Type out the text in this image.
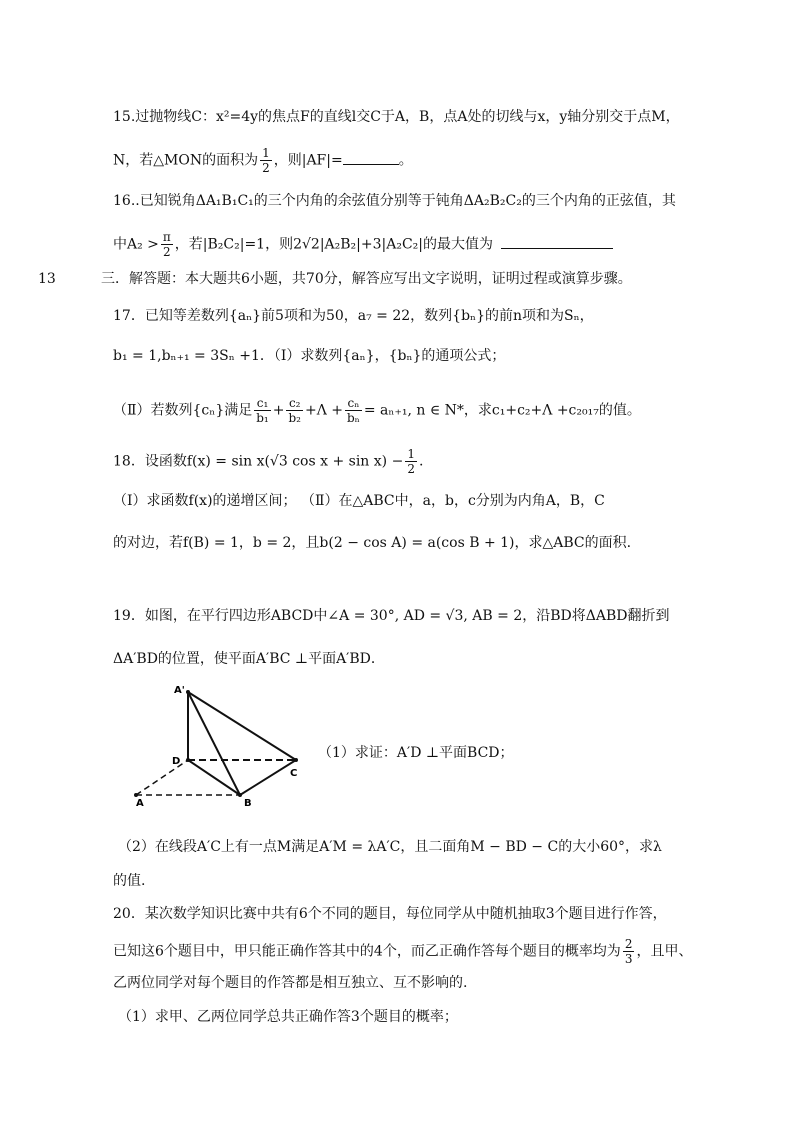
15.过抛物线C：x²=4y的焦点F的直线l交C于A，B，点A处的切线与x，y轴分别交于点M，
N，若△MON的面积为 $\frac{1}{2}$ ，则|AF|=	。
16..已知锐角ΔA₁B₁C₁的三个内角的余弦值分别等于钝角ΔA₂B₂C₂的三个内角的正弦值，其
中$A_2 > \frac{\pi}{2}$ ，若|B₂C₂|=1，则2√2|A₂B₂|+3|A₂C₂|的最大值为
13	三．解答题：本大题共6小题，共70分，解答应写出文字说明，证明过程或演算步骤。
17．已知等差数列{aₙ}前5项和为50，a₇ = 22，数列{bₙ}的前n项和为Sₙ，
b₁ = 1,bₙ₊₁ = 3Sₙ +1．（Ⅰ）求数列{aₙ}，{bₙ}的通项公式；
（Ⅱ）若数列{cₙ}满足 $\frac{\text{c₁}}{\text{b₁}} + \frac{\text{c₂}}{\text{b₂}} +\Lambda + \frac{\text{cₙ}}{\text{bₙ}} = a_{n+1}$, n ∈ N*，求c₁+c₂+Λ +c₂₀₁₇的值。
18．设函数f(x) = sin x(√3 $\cos x + \sin x) - \frac{1}{2}$ .
（Ⅰ）求函数f(x)的递增区间； （Ⅱ）在△ABC中，a，b，c分别为内角A，B，C
的对边，若f(B) = 1，b = 2，且b(2 − cos A) = a(cos B + 1)，求△ABC的面积.
19．如图，在平行四边形ABCD中∠A = 30°, AD = √3, AB = 2，沿BD将ΔABD翻折到
ΔA′BD的位置，使平面A′BC ⊥平面A′BD．
A'
D
C
A	B
（1）求证：A′D ⊥平面BCD；
（2）在线段A′C上有一点M满足A′M = λA′C，且二面角M − BD − C的大小60°，求λ
的值.
20．某次数学知识比赛中共有6个不同的题目，每位同学从中随机抽取3个题目进行作答，
已知这6个题目中，甲只能正确作答其中的4个，而乙正确作答每个题目的概率均为 $\frac{2}{3}$ ，且甲、
乙两位同学对每个题目的作答都是相互独立、互不影响的.
（1）求甲、乙两位同学总共正确作答3个题目的概率；
